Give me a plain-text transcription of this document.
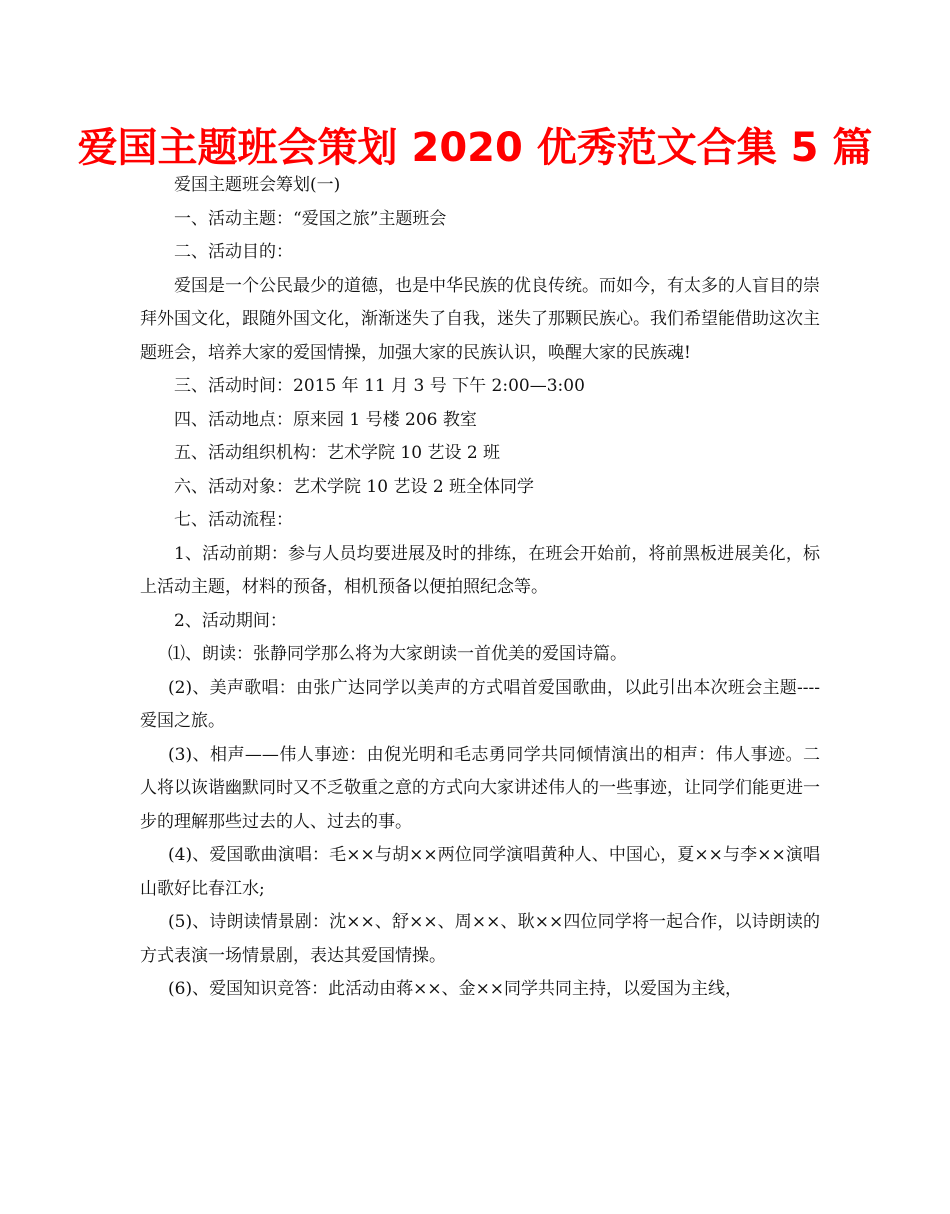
爱国主题班会策划 2020 优秀范文合集 5 篇

爱国主题班会筹划(一)

一、活动主题：“爱国之旅”主题班会

二、活动目的：

爱国是一个公民最少的道德，也是中华民族的优良传统。而如今，有太多的人盲目的崇拜外国文化，跟随外国文化，渐渐迷失了自我，迷失了那颗民族心。我们希望能借助这次主题班会，培养大家的爱国情操，加强大家的民族认识，唤醒大家的民族魂!

三、活动时间：2015 年 11 月 3 号 下午 2:00—3:00

四、活动地点：原来园 1 号楼 206 教室

五、活动组织机构：艺术学院 10 艺设 2 班

六、活动对象：艺术学院 10 艺设 2 班全体同学

七、活动流程：

1、活动前期：参与人员均要进展及时的排练，在班会开始前，将前黑板进展美化，标上活动主题，材料的预备，相机预备以便拍照纪念等。

2、活动期间：

⑴、朗读：张静同学那么将为大家朗读一首优美的爱国诗篇。

(2)、美声歌唱：由张广达同学以美声的方式唱首爱国歌曲，以此引出本次班会主题----爱国之旅。

(3)、相声——伟人事迹：由倪光明和毛志勇同学共同倾情演出的相声：伟人事迹。二人将以诙谐幽默同时又不乏敬重之意的方式向大家讲述伟人的一些事迹，让同学们能更进一步的理解那些过去的人、过去的事。

(4)、爱国歌曲演唱：毛××与胡××两位同学演唱黄种人、中国心，夏××与李××演唱山歌好比春江水;

(5)、诗朗读情景剧：沈××、舒××、周××、耿××四位同学将一起合作，以诗朗读的方式表演一场情景剧，表达其爱国情操。

(6)、爱国知识竞答：此活动由蒋××、金××同学共同主持，以爱国为主线，
